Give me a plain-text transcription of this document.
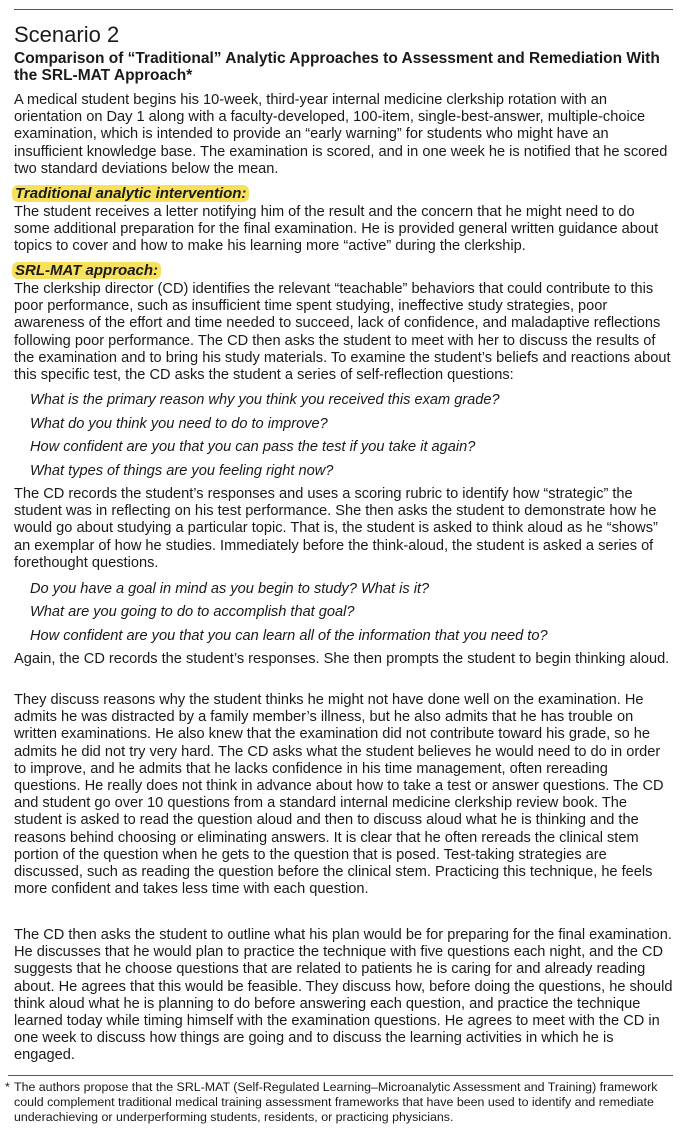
Scenario 2
Comparison of “Traditional” Analytic Approaches to Assessment and Remediation With the SRL-MAT Approach*
A medical student begins his 10-week, third-year internal medicine clerkship rotation with an orientation on Day 1 along with a faculty-developed, 100-item, single-best-answer, multiple-choice examination, which is intended to provide an “early warning” for students who might have an insufficient knowledge base. The examination is scored, and in one week he is notified that he scored two standard deviations below the mean.
Traditional analytic intervention:
The student receives a letter notifying him of the result and the concern that he might need to do some additional preparation for the final examination. He is provided general written guidance about topics to cover and how to make his learning more “active” during the clerkship.
SRL-MAT approach:
The clerkship director (CD) identifies the relevant “teachable” behaviors that could contribute to this poor performance, such as insufficient time spent studying, ineffective study strategies, poor awareness of the effort and time needed to succeed, lack of confidence, and maladaptive reflections following poor performance. The CD then asks the student to meet with her to discuss the results of the examination and to bring his study materials. To examine the student’s beliefs and reactions about this specific test, the CD asks the student a series of self-reflection questions:
What is the primary reason why you think you received this exam grade?
What do you think you need to do to improve?
How confident are you that you can pass the test if you take it again?
What types of things are you feeling right now?
The CD records the student’s responses and uses a scoring rubric to identify how “strategic” the student was in reflecting on his test performance. She then asks the student to demonstrate how he would go about studying a particular topic. That is, the student is asked to think aloud as he “shows” an exemplar of how he studies. Immediately before the think-aloud, the student is asked a series of forethought questions.
Do you have a goal in mind as you begin to study? What is it?
What are you going to do to accomplish that goal?
How confident are you that you can learn all of the information that you need to?
Again, the CD records the student’s responses. She then prompts the student to begin thinking aloud.
They discuss reasons why the student thinks he might not have done well on the examination. He admits he was distracted by a family member’s illness, but he also admits that he has trouble on written examinations. He also knew that the examination did not contribute toward his grade, so he admits he did not try very hard. The CD asks what the student believes he would need to do in order to improve, and he admits that he lacks confidence in his time management, often rereading questions. He really does not think in advance about how to take a test or answer questions. The CD and student go over 10 questions from a standard internal medicine clerkship review book. The student is asked to read the question aloud and then to discuss aloud what he is thinking and the reasons behind choosing or eliminating answers. It is clear that he often rereads the clinical stem portion of the question when he gets to the question that is posed. Test-taking strategies are discussed, such as reading the question before the clinical stem. Practicing this technique, he feels more confident and takes less time with each question.
The CD then asks the student to outline what his plan would be for preparing for the final examination. He discusses that he would plan to practice the technique with five questions each night, and the CD suggests that he choose questions that are related to patients he is caring for and already reading about. He agrees that this would be feasible. They discuss how, before doing the questions, he should think aloud what he is planning to do before answering each question, and practice the technique learned today while timing himself with the examination questions. He agrees to meet with the CD in one week to discuss how things are going and to discuss the learning activities in which he is engaged.
* The authors propose that the SRL-MAT (Self-Regulated Learning–Microanalytic Assessment and Training) framework could complement traditional medical training assessment frameworks that have been used to identify and remediate underachieving or underperforming students, residents, or practicing physicians.
